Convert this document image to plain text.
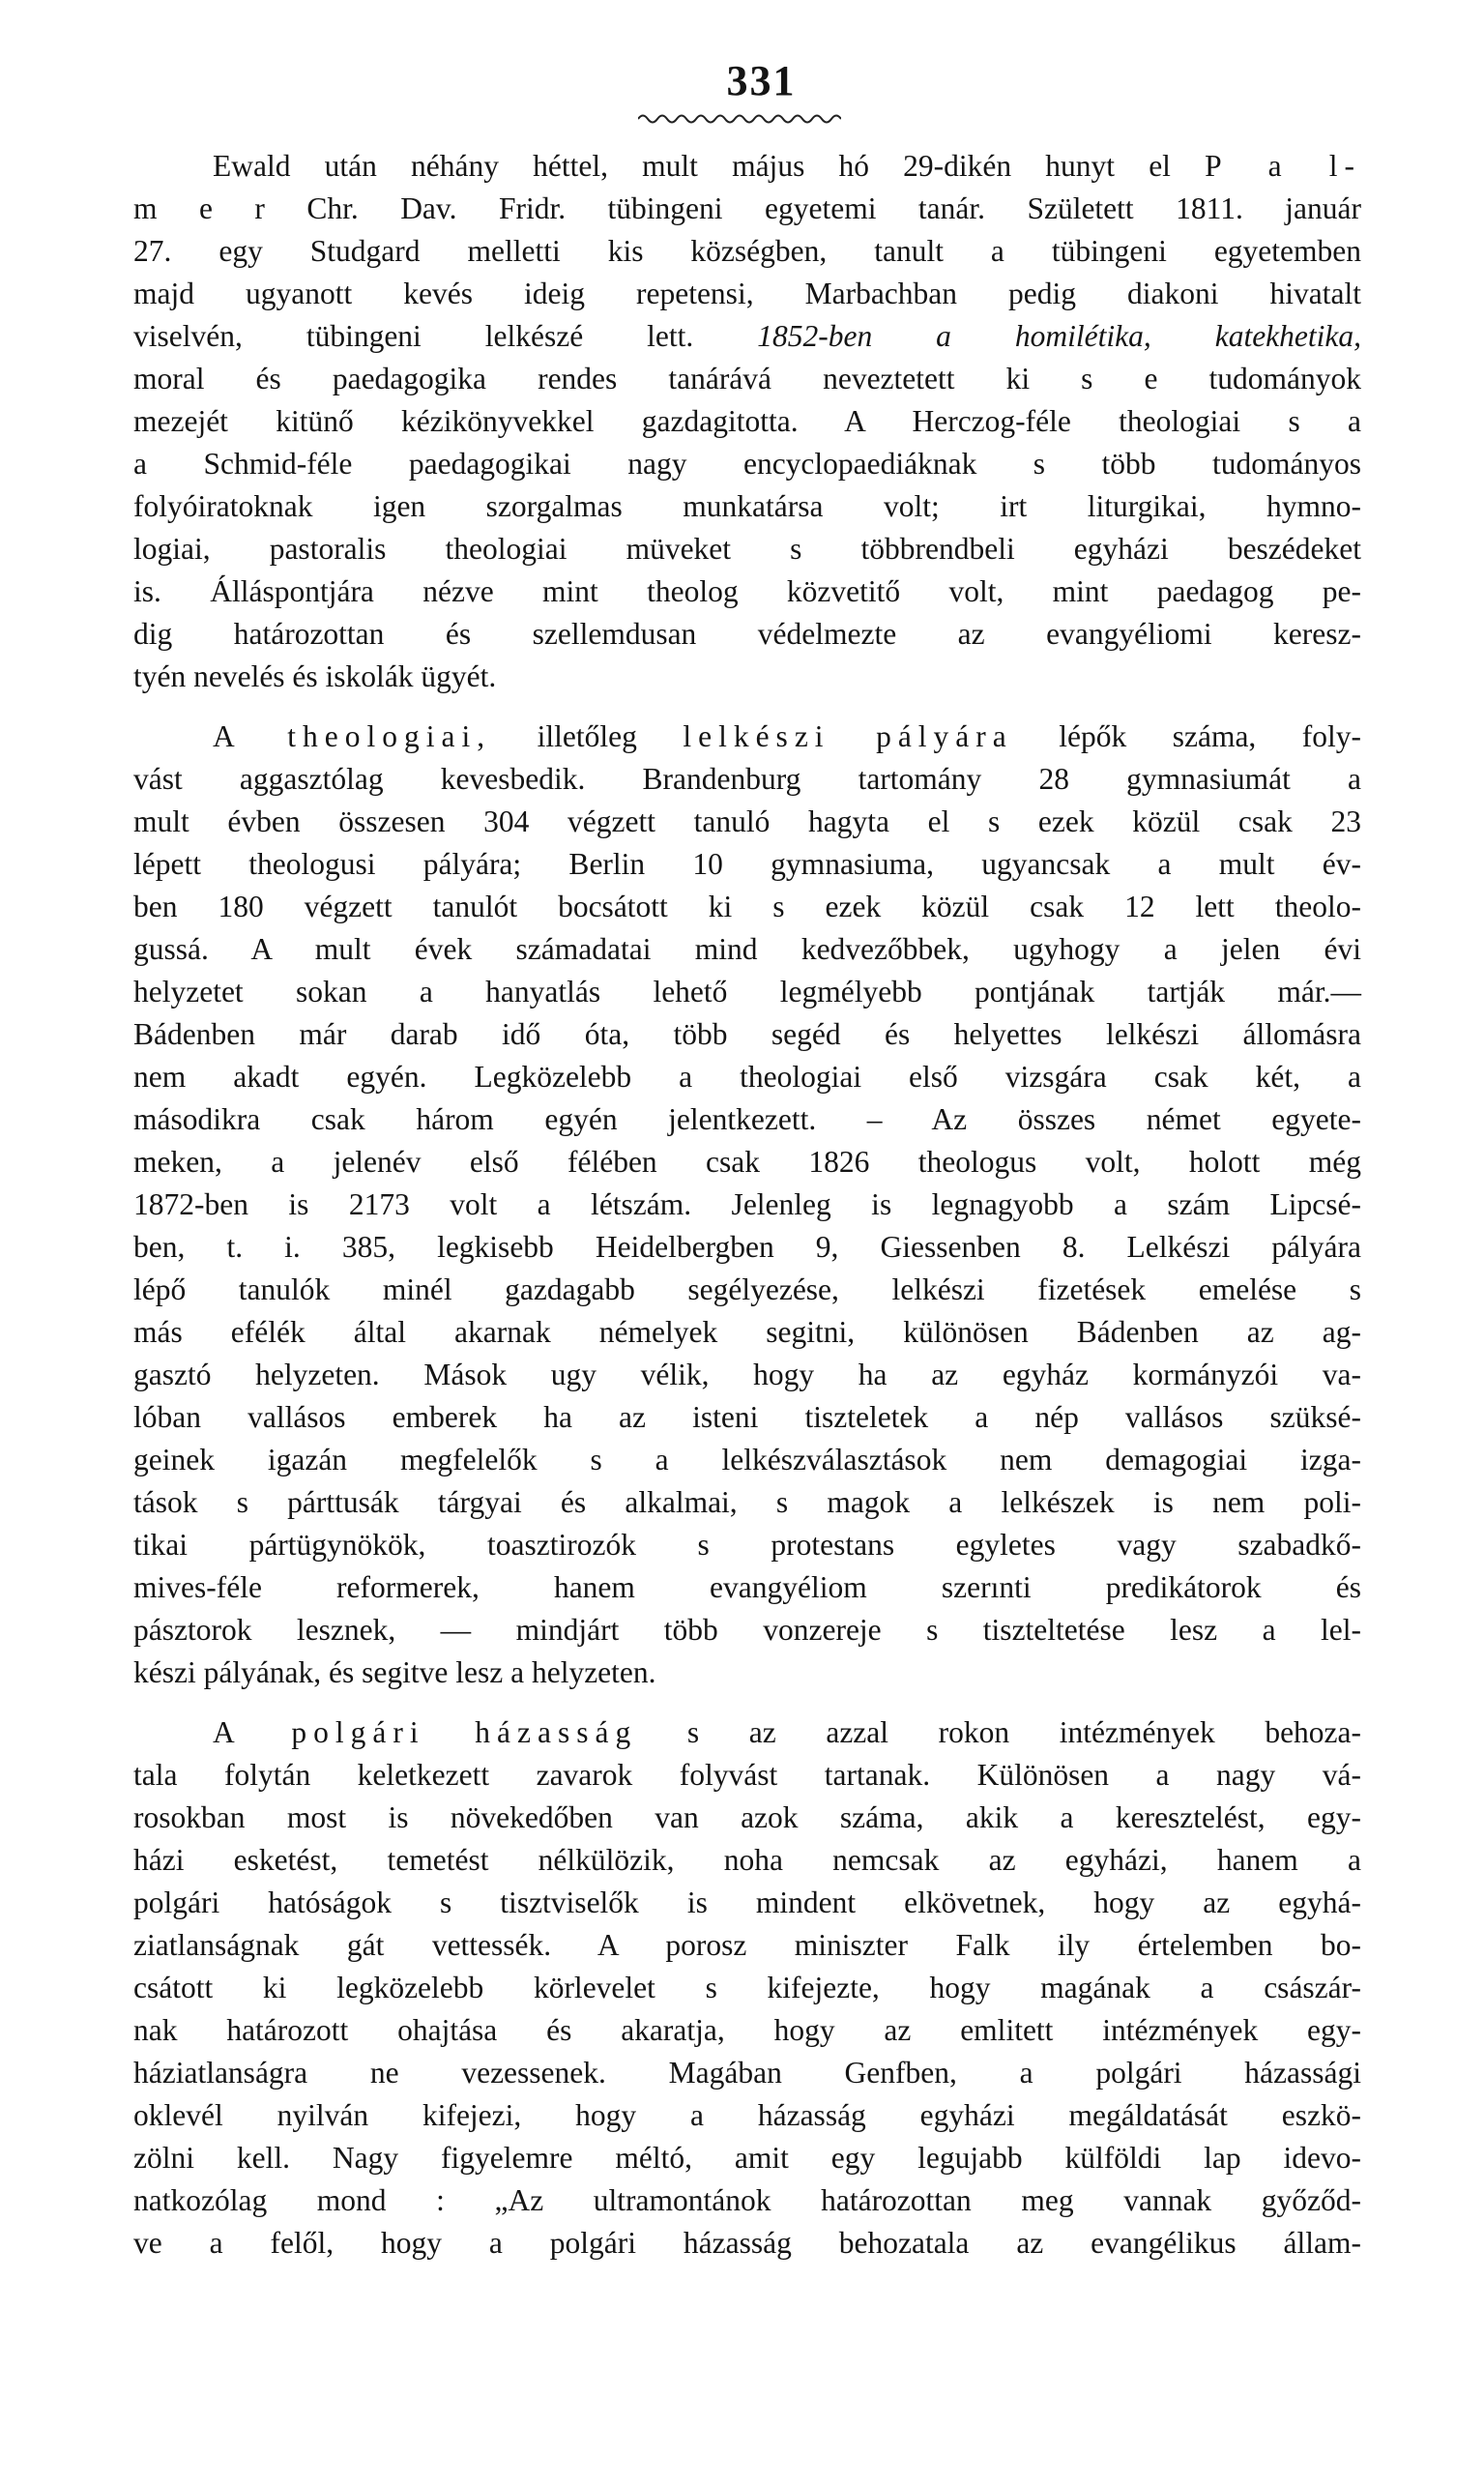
331
Ewald után néhány héttel, mult május hó 29-dikén hunyt el P a l-
m e r Chr. Dav. Fridr. tübingeni egyetemi tanár. Született 1811. január
27. egy Studgard melletti kis községben, tanult a tübingeni egyetemben
majd ugyanott kevés ideig repetensi, Marbachban pedig diakoni hivatalt
viselvén, tübingeni lelkészé lett. 1852-ben a homilétika, katekhetika,
moral és paedagogika rendes tanárává neveztetett ki s e tudományok
mezejét kitünő kézikönyvekkel gazdagitotta. A Herczog-féle theologiai s a
a Schmid-féle paedagogikai nagy encyclopaediáknak s több tudományos
folyóiratoknak igen szorgalmas munkatársa volt; irt liturgikai, hymno-
logiai, pastoralis theologiai müveket s többrendbeli egyházi beszédeket
is. Álláspontjára nézve mint theolog közvetitő volt, mint paedagog pe-
dig határozottan és szellemdusan védelmezte az evangyéliomi keresz-
tyén nevelés és iskolák ügyét.
A theologiai, illetőleg lelkészi pályára lépők száma, foly-
vást aggasztólag kevesbedik. Brandenburg tartomány 28 gymnasiumát a
mult évben összesen 304 végzett tanuló hagyta el s ezek közül csak 23
lépett theologusi pályára; Berlin 10 gymnasiuma, ugyancsak a mult év-
ben 180 végzett tanulót bocsátott ki s ezek közül csak 12 lett theolo-
gussá. A mult évek számadatai mind kedvezőbbek, ugyhogy a jelen évi
helyzetet sokan a hanyatlás lehető legmélyebb pontjának tartják már.—
Bádenben már darab idő óta, több segéd és helyettes lelkészi állomásra
nem akadt egyén. Legközelebb a theologiai első vizsgára csak két, a
másodikra csak három egyén jelentkezett. – Az összes német egyete-
meken, a jelenév első félében csak 1826 theologus volt, holott még
1872-ben is 2173 volt a létszám. Jelenleg is legnagyobb a szám Lipcsé-
ben, t. i. 385, legkisebb Heidelbergben 9, Giessenben 8. Lelkészi pályára
lépő tanulók minél gazdagabb segélyezése, lelkészi fizetések emelése s
más efélék által akarnak némelyek segitni, különösen Bádenben az ag-
gasztó helyzeten. Mások ugy vélik, hogy ha az egyház kormányzói va-
lóban vallásos emberek ha az isteni tiszteletek a nép vallásos szüksé-
geinek igazán megfelelők s a lelkészválasztások nem demagogiai izga-
tások s párttusák tárgyai és alkalmai, s magok a lelkészek is nem poli-
tikai pártügynökök, toasztirozók s protestans egyletes vagy szabadkő-
mives-féle reformerek, hanem evangyéliom szerınti predikátorok és
pásztorok lesznek, — mindjárt több vonzereje s tiszteltetése lesz a lel-
készi pályának, és segitve lesz a helyzeten.
A polgári házasság s az azzal rokon intézmények behoza-
tala folytán keletkezett zavarok folyvást tartanak. Különösen a nagy vá-
rosokban most is növekedőben van azok száma, akik a keresztelést, egy-
házi esketést, temetést nélkülözik, noha nemcsak az egyházi, hanem a
polgári hatóságok s tisztviselők is mindent elkövetnek, hogy az egyhá-
ziatlanságnak gát vettessék. A porosz miniszter Falk ily értelemben bo-
csátott ki legközelebb körlevelet s kifejezte, hogy magának a császár-
nak határozott ohajtása és akaratja, hogy az emlitett intézmények egy-
háziatlanságra ne vezessenek. Magában Genfben, a polgári házassági
oklevél nyilván kifejezi, hogy a házasság egyházi megáldatását eszkö-
zölni kell. Nagy figyelemre méltó, amit egy legujabb külföldi lap idevo-
natkozólag mond : „Az ultramontánok határozottan meg vannak győződ-
ve a felől, hogy a polgári házasság behozatala az evangélikus állam-
